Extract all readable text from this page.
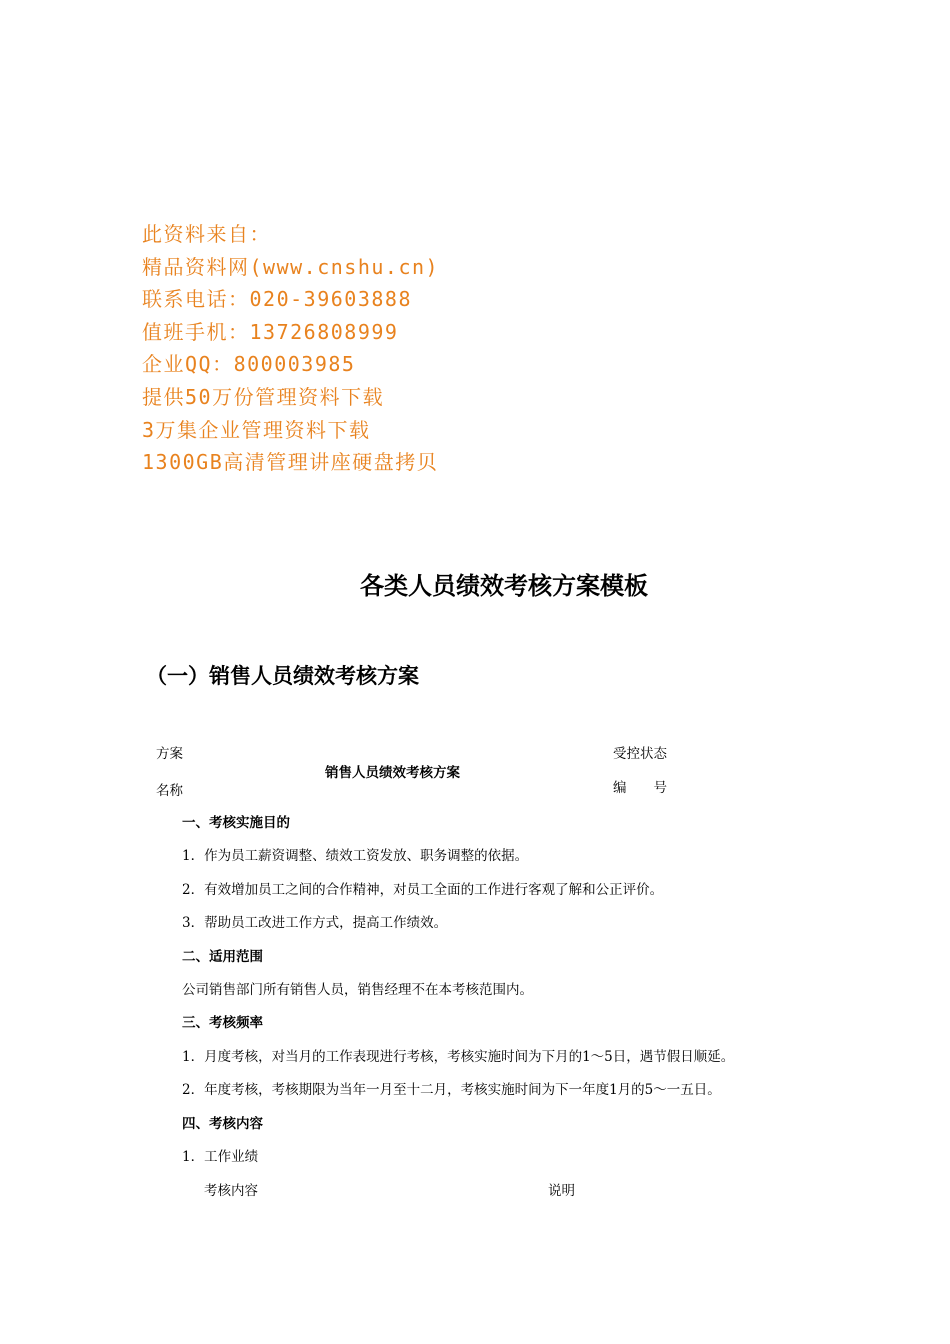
此资料来自：
精品资料网(www.cnshu.cn)
联系电话：020-39603888
值班手机：13726808999
企业QQ：800003985
提供50万份管理资料下载
3万集企业管理资料下载
1300GB高清管理讲座硬盘拷贝
各类人员绩效考核方案模板
（一）销售人员绩效考核方案
方案
名称
销售人员绩效考核方案
受控状态
编　　号
一、考核实施目的
1．作为员工薪资调整、绩效工资发放、职务调整的依据。
2．有效增加员工之间的合作精神，对员工全面的工作进行客观了解和公正评价。
3．帮助员工改进工作方式，提高工作绩效。
二、适用范围
公司销售部门所有销售人员，销售经理不在本考核范围内。
三、考核频率
1．月度考核，对当月的工作表现进行考核，考核实施时间为下月的1～5日，遇节假日顺延。
2．年度考核，考核期限为当年一月至十二月，考核实施时间为下一年度1月的5～一五日。
四、考核内容
1．工作业绩
考核内容	说明
